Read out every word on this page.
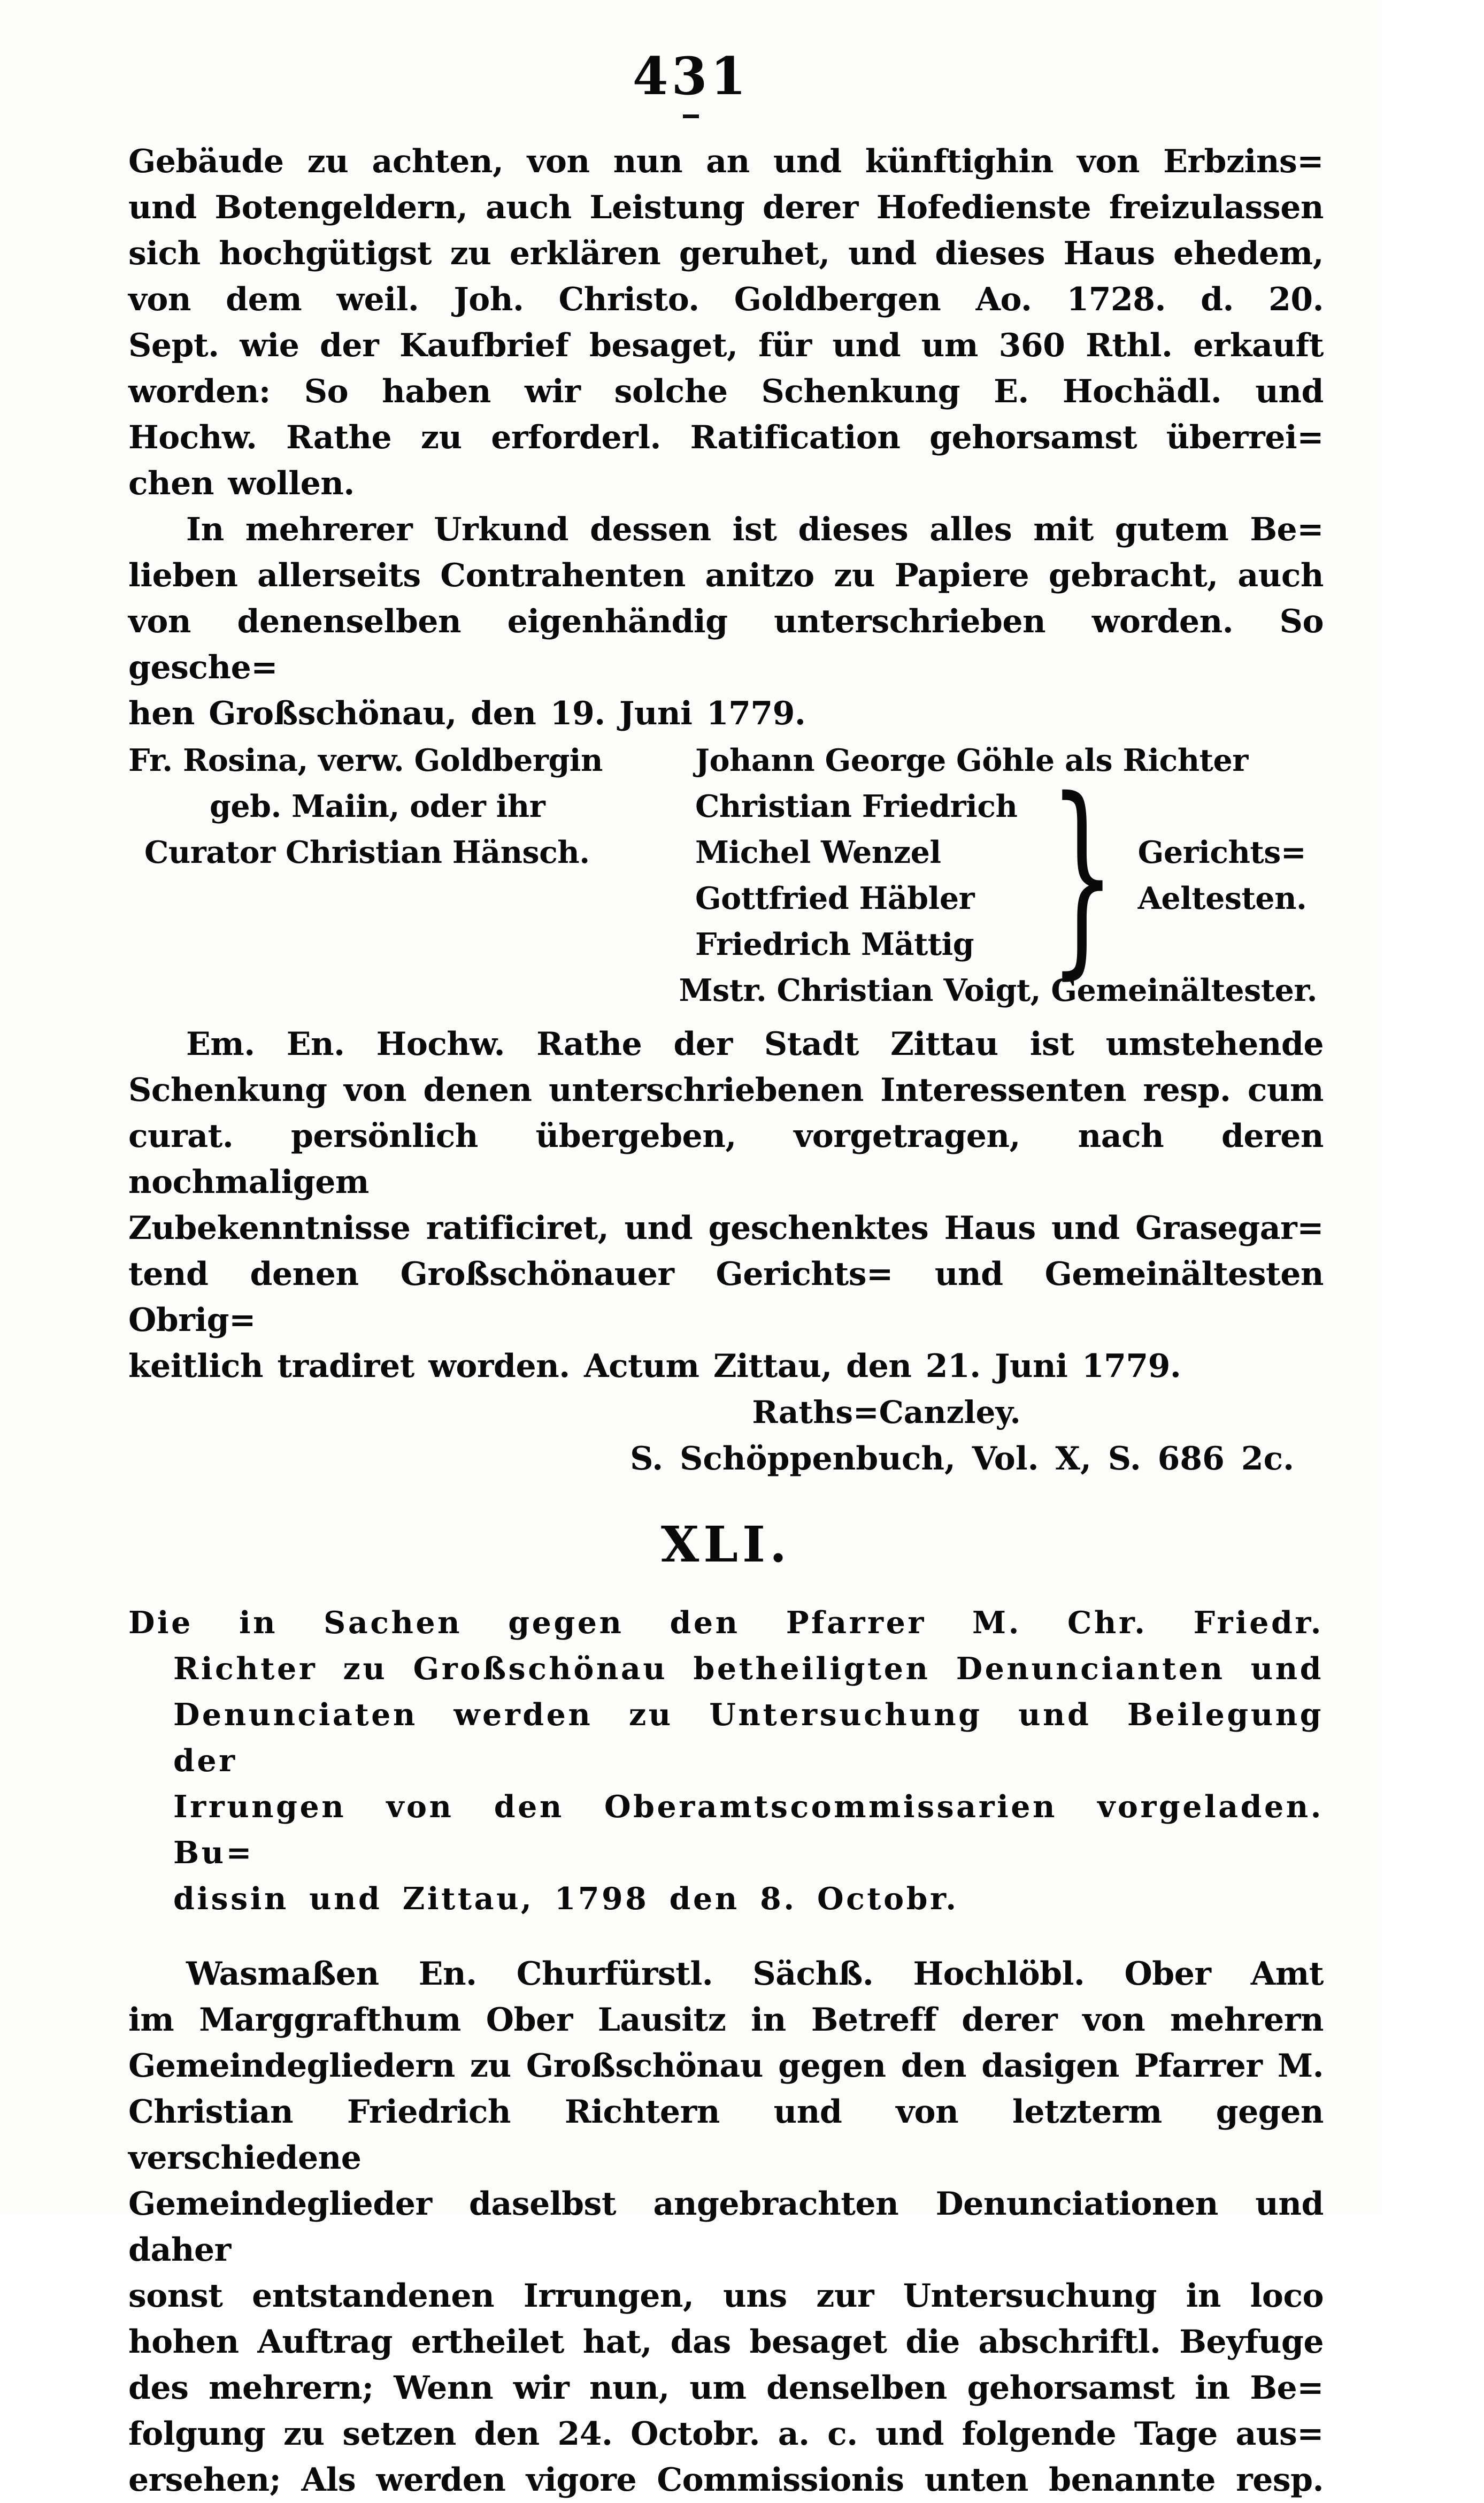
431
Gebäude zu achten, von nun an und künftighin von Erbzins=
und Botengeldern, auch Leistung derer Hofedienste freizulassen
sich hochgütigst zu erklären geruhet, und dieses Haus ehedem,
von dem weil. Joh. Christo. Goldbergen Ao. 1728. d. 20.
Sept. wie der Kaufbrief besaget, für und um 360 Rthl. erkauft
worden: So haben wir solche Schenkung E. Hochädl. und
Hochw. Rathe zu erforderl. Ratification gehorsamst überrei=
chen wollen.
In mehrerer Urkund dessen ist dieses alles mit gutem Be=
lieben allerseits Contrahenten anitzo zu Papiere gebracht, auch
von denenselben eigenhändig unterschrieben worden. So gesche=
hen Großschönau, den 19. Juni 1779.
Fr. Rosina, verw. Goldbergin
geb. Maiin, oder ihr
Curator Christian Hänsch.
Johann George Göhle als Richter
Christian Friedrich
Michel Wenzel
Gottfried Häbler
Friedrich Mättig } Gerichts=
Aeltesten.
Mstr. Christian Voigt, Gemeinältester.
Em. En. Hochw. Rathe der Stadt Zittau ist umstehende
Schenkung von denen unterschriebenen Interessenten resp. cum
curat. persönlich übergeben, vorgetragen, nach deren nochmaligem
Zubekenntnisse ratificiret, und geschenktes Haus und Grasegar=
tend denen Großschönauer Gerichts= und Gemeinältesten Obrig=
keitlich tradiret worden. Actum Zittau, den 21. Juni 1779.
Raths=Canzley.
S. Schöppenbuch, Vol. X, S. 686 2c.
XLI.
Die in Sachen gegen den Pfarrer M. Chr. Friedr.
Richter zu Großschönau betheiligten Denuncianten und
Denunciaten werden zu Untersuchung und Beilegung der
Irrungen von den Oberamtscommissarien vorgeladen. Bu=
dissin und Zittau, 1798 den 8. Octobr.
Wasmaßen En. Churfürstl. Sächß. Hochlöbl. Ober Amt
im Marggrafthum Ober Lausitz in Betreff derer von mehrern
Gemeindegliedern zu Großschönau gegen den dasigen Pfarrer M.
Christian Friedrich Richtern und von letzterm gegen verschiedene
Gemeindeglieder daselbst angebrachten Denunciationen und daher
sonst entstandenen Irrungen, uns zur Untersuchung in loco
hohen Auftrag ertheilet hat, das besaget die abschriftl. Beyfuge
des mehrern; Wenn wir nun, um denselben gehorsamst in Be=
folgung zu setzen den 24. Octobr. a. c. und folgende Tage aus=
ersehen; Als werden vigore Commissionis unten benannte resp.
